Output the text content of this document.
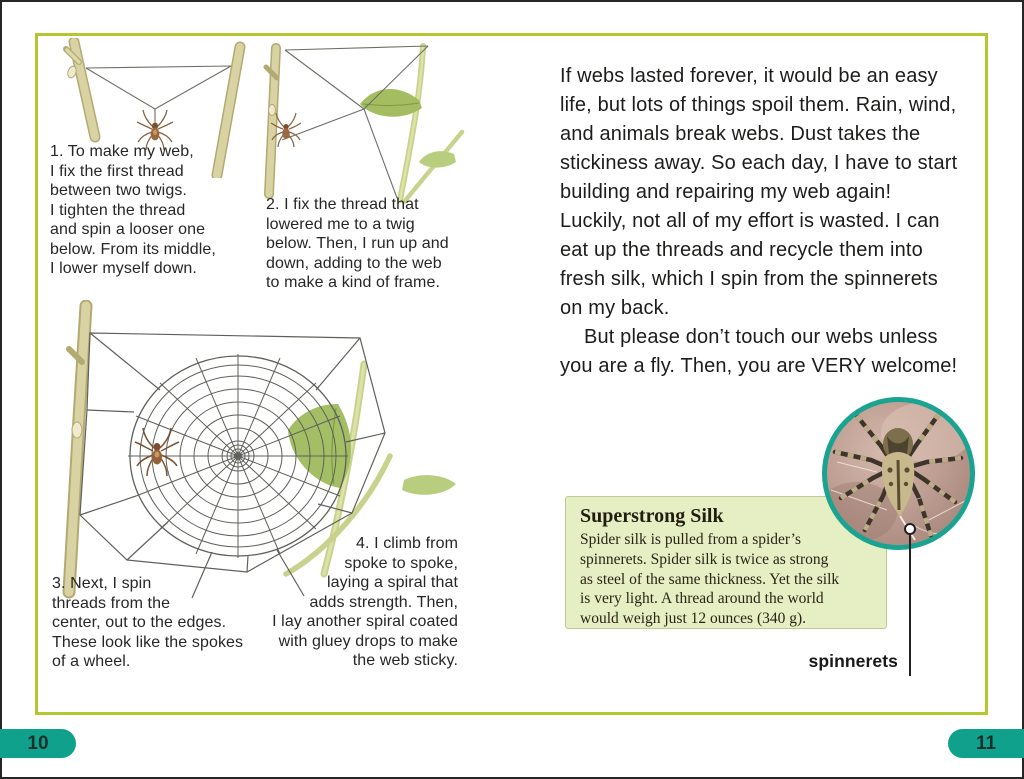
1. To make my web,
I fix the first thread
between two twigs.
I tighten the thread
and spin a looser one
below. From its middle,
I lower myself down.
2. I fix the thread that
lowered me to a twig
below. Then, I run up and
down, adding to the web
to make a kind of frame.
4. I climb from
spoke to spoke,
laying a spiral that
adds strength. Then,
I lay another spiral coated
with gluey drops to make
the web sticky.
3. Next, I spin
threads from the
center, out to the edges.
These look like the spokes
of a wheel.
If webs lasted forever, it would be an easy
life, but lots of things spoil them. Rain, wind,
and animals break webs. Dust takes the
stickiness away. So each day, I have to start
building and repairing my web again!
Luckily, not all of my effort is wasted. I can
eat up the threads and recycle them into
fresh silk, which I spin from the spinnerets
on my back.
But please don’t touch our webs unless
you are a fly. Then, you are VERY welcome!
Superstrong Silk
Spider silk is pulled from a spider’s
spinnerets. Spider silk is twice as strong
as steel of the same thickness. Yet the silk
is very light. A thread around the world
would weigh just 12 ounces (340 g).
spinnerets
10	11
